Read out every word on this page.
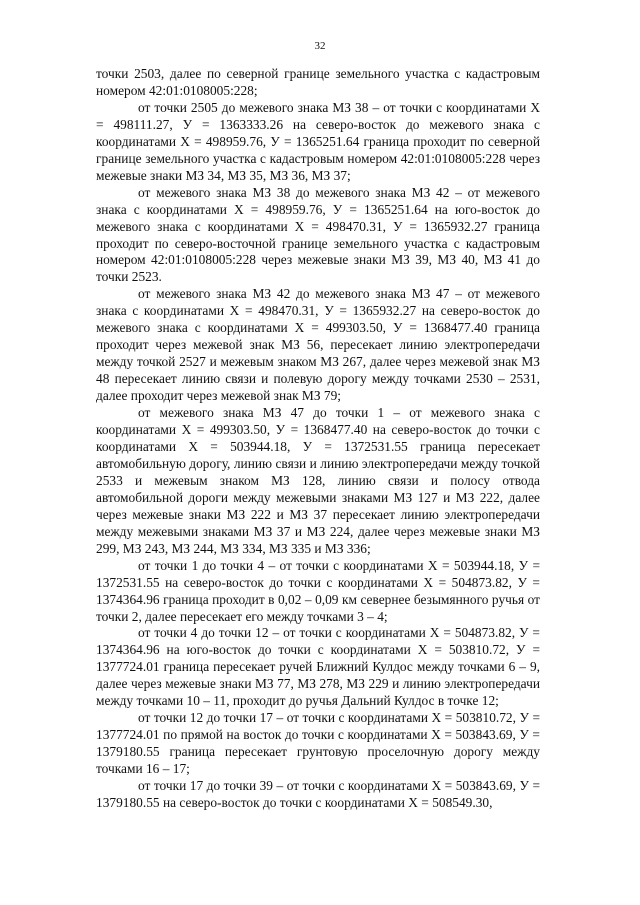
32

точки 2503, далее по северной границе земельного участка с кадастровым номером 42:01:0108005:228;

от точки 2505 до межевого знака МЗ 38 – от точки с координатами X = 498111.27, У = 1363333.26 на северо-восток до межевого знака с координатами X = 498959.76, У = 1365251.64 граница проходит по северной границе земельного участка с кадастровым номером 42:01:0108005:228 через межевые знаки МЗ 34, МЗ 35, МЗ 36, МЗ 37;

от межевого знака МЗ 38 до межевого знака МЗ 42 – от межевого знака с координатами X = 498959.76, У = 1365251.64 на юго-восток до межевого знака с координатами X = 498470.31, У = 1365932.27 граница проходит по северо-восточной границе земельного участка с кадастровым номером 42:01:0108005:228 через межевые знаки МЗ 39, МЗ 40, МЗ 41 до точки 2523.

от межевого знака МЗ 42 до межевого знака МЗ 47 – от межевого знака с координатами X = 498470.31, У = 1365932.27 на северо-восток до межевого знака с координатами X = 499303.50, У = 1368477.40 граница проходит через межевой знак МЗ 56, пересекает линию электропередачи между точкой 2527 и межевым знаком МЗ 267, далее через межевой знак МЗ 48 пересекает линию связи и полевую дорогу между точками 2530 – 2531, далее проходит через межевой знак МЗ 79;

от межевого знака МЗ 47 до точки 1 – от межевого знака с координатами X = 499303.50, У = 1368477.40 на северо-восток до точки с координатами X = 503944.18, У = 1372531.55 граница пересекает автомобильную дорогу, линию связи и линию электропередачи между точкой 2533 и межевым знаком МЗ 128, линию связи и полосу отвода автомобильной дороги между межевыми знаками МЗ 127 и МЗ 222, далее через межевые знаки МЗ 222 и МЗ 37 пересекает линию электропередачи между межевыми знаками МЗ 37 и МЗ 224, далее через межевые знаки МЗ 299, МЗ 243, МЗ 244, МЗ 334, МЗ 335 и МЗ 336;

от точки 1 до точки 4 – от точки с координатами X = 503944.18, У = 1372531.55 на северо-восток до точки с координатами X = 504873.82, У = 1374364.96 граница проходит в 0,02 – 0,09 км севернее безымянного ручья от точки 2, далее пересекает его между точками 3 – 4;

от точки 4 до точки 12 – от точки с координатами X = 504873.82, У = 1374364.96 на юго-восток до точки с координатами X = 503810.72, У = 1377724.01 граница пересекает ручей Ближний Кулдос между точками 6 – 9, далее через межевые знаки МЗ 77, МЗ 278, МЗ 229 и линию электропередачи между точками 10 – 11, проходит до ручья Дальний Кулдос в точке 12;

от точки 12 до точки 17 – от точки с координатами X = 503810.72, У = 1377724.01 по прямой на восток до точки с координатами X = 503843.69, У = 1379180.55 граница пересекает грунтовую проселочную дорогу между точками 16 – 17;

от точки 17 до точки 39 – от точки с координатами X = 503843.69, У = 1379180.55 на северо-восток до точки с координатами X = 508549.30,
